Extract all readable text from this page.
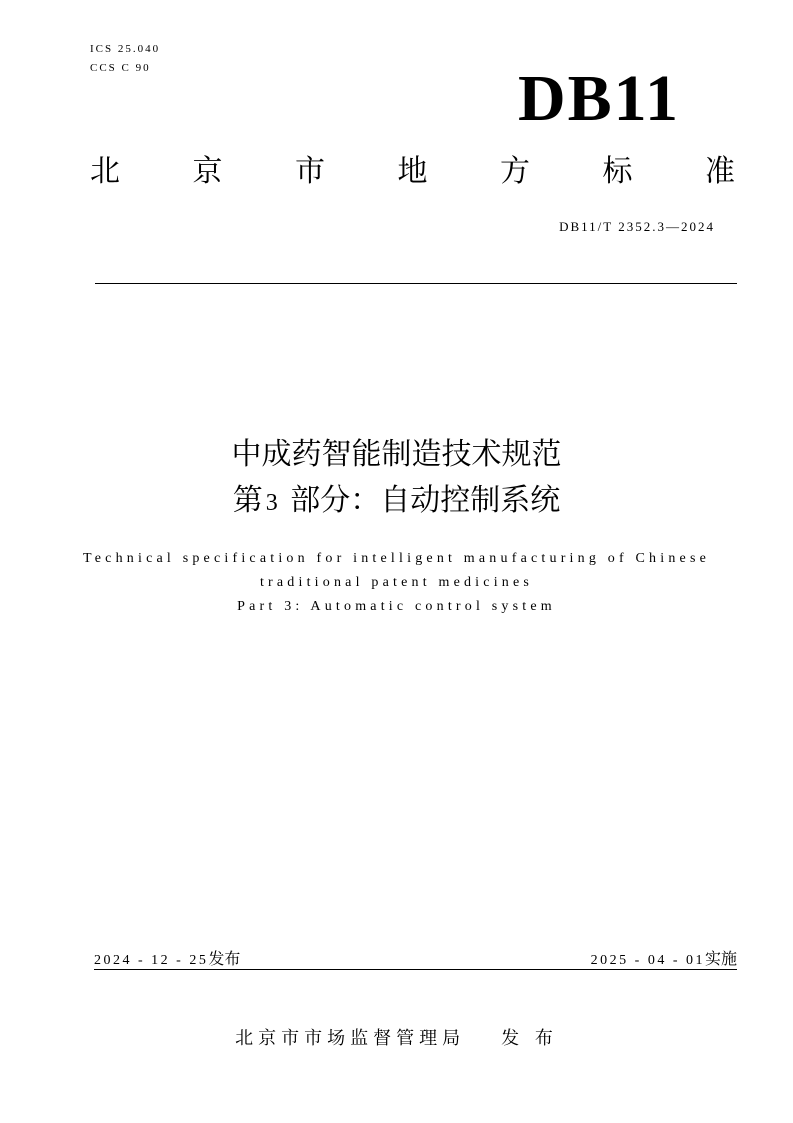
ICS 25.040
CCS C 90	DB11
北 京 市 地 方 标 准
DB11/T 2352.3—2024
中成药智能制造技术规范
第 3 部分：自动控制系统
Technical specification for intelligent manufacturing of Chinese
traditional patent medicines
Part 3: Automatic control system
2024 - 12 - 25发布	2025 - 04 - 01实施
北京市市场监督管理局 发 布
